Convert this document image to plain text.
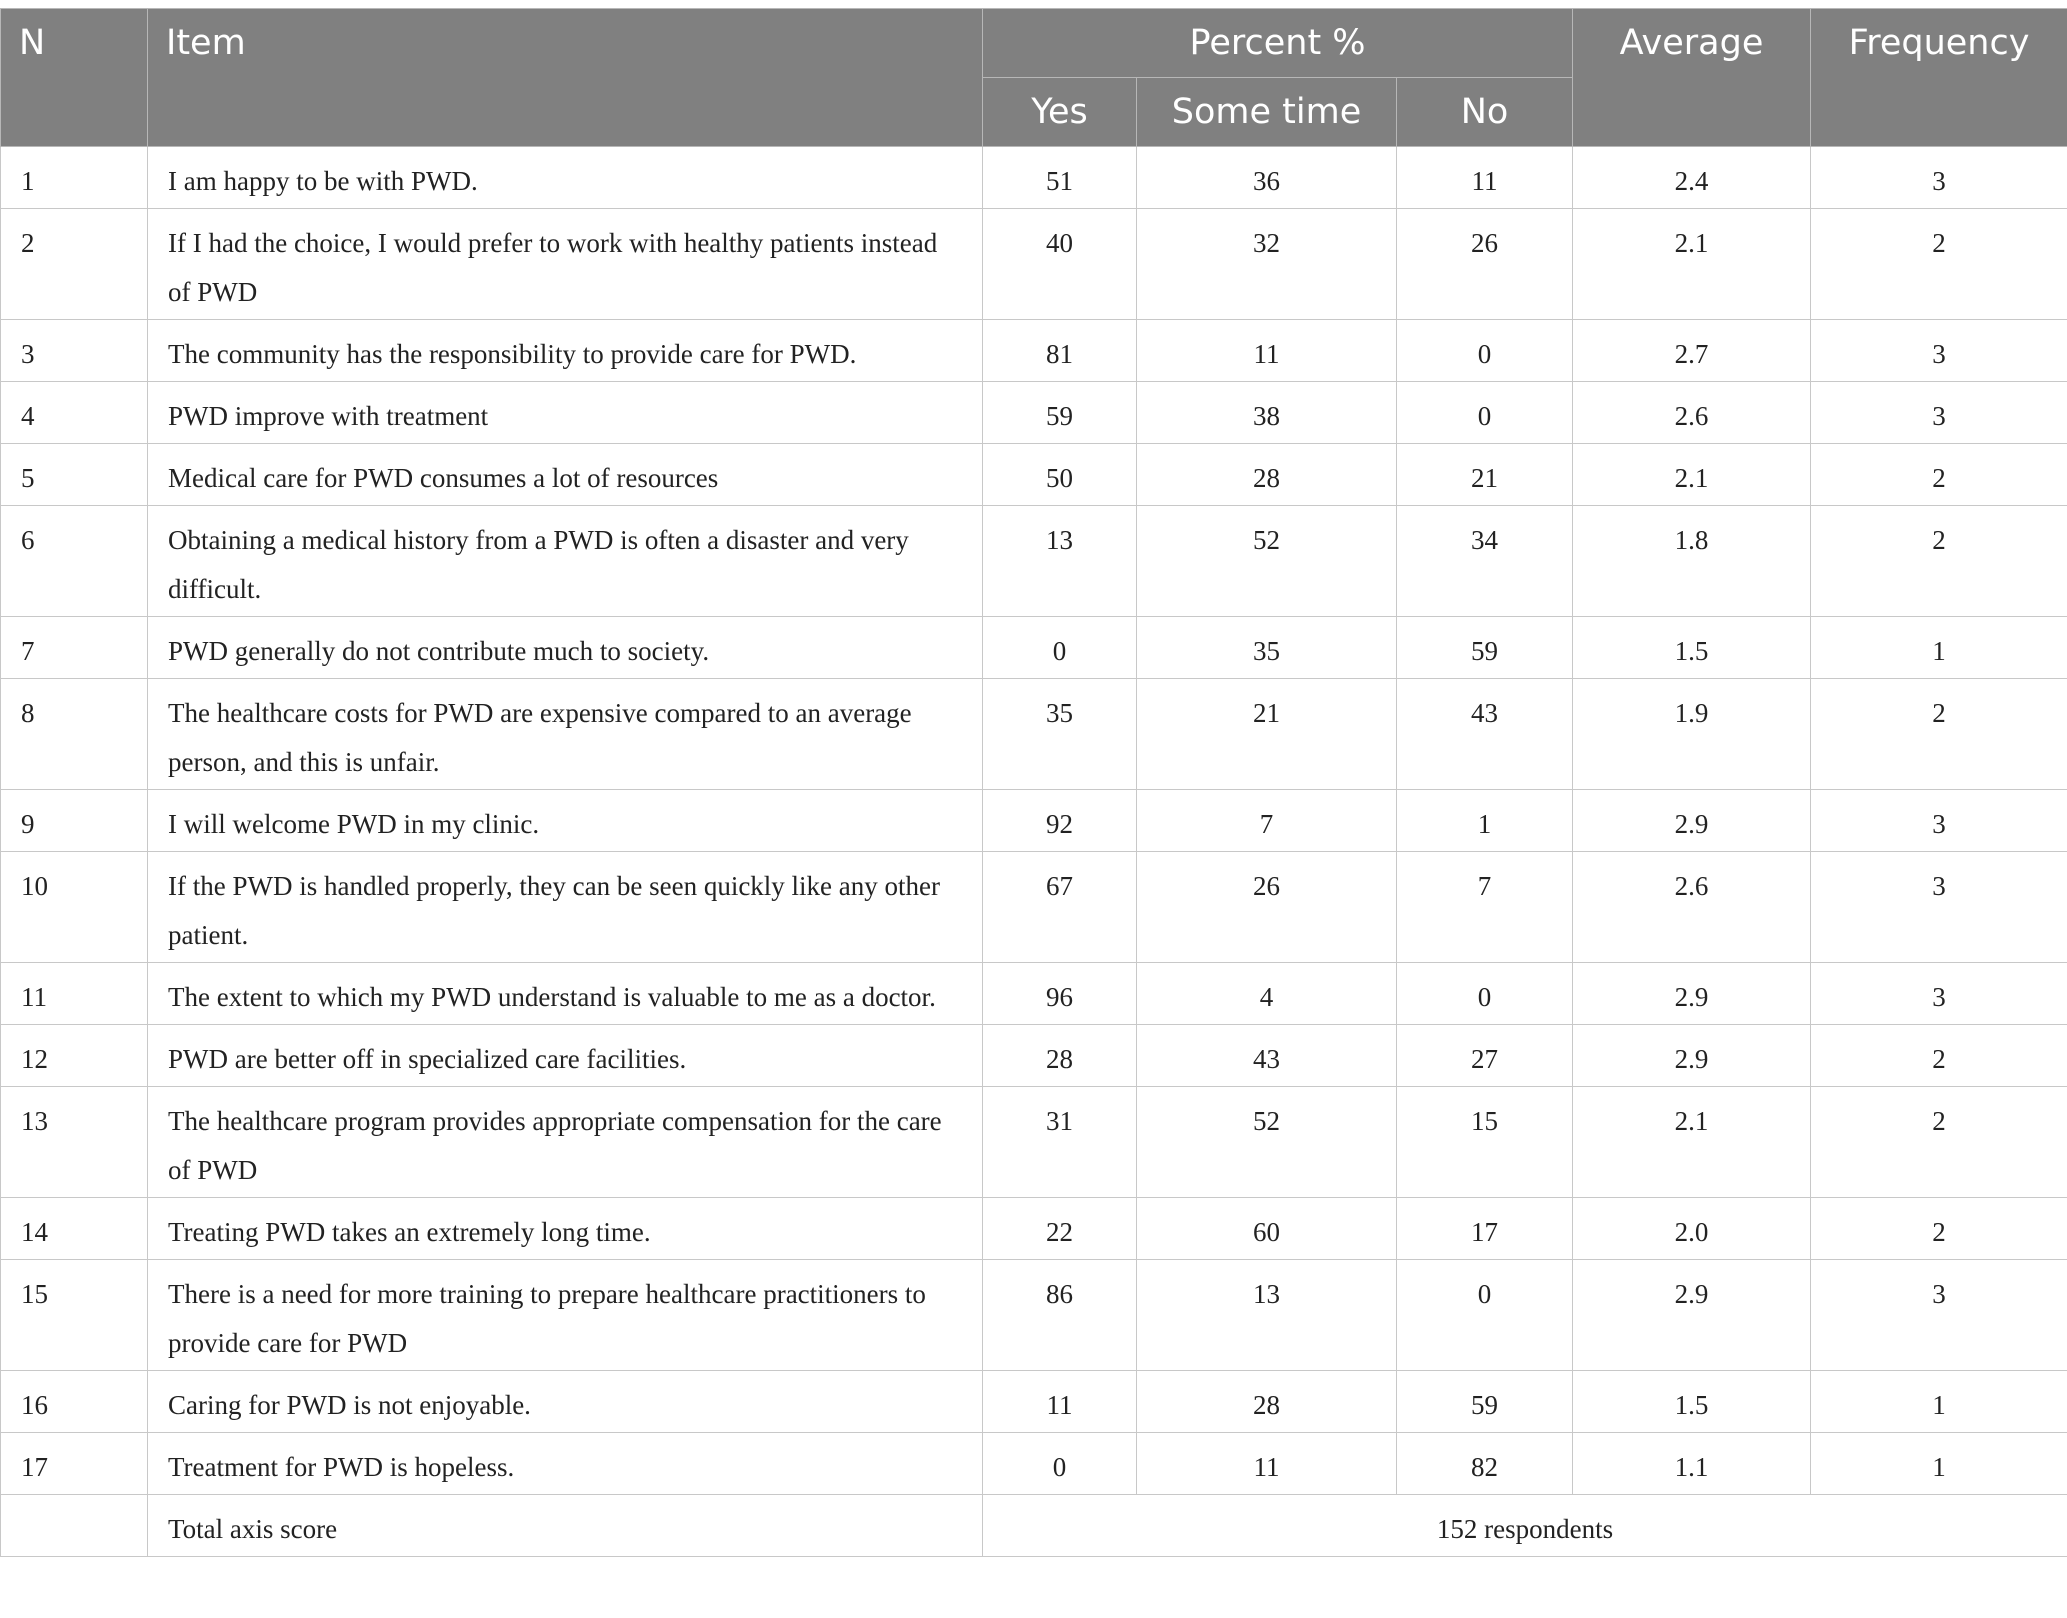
N	Item	Percent %			Average	Frequency
		Yes	Some time	No		
1	I am happy to be with PWD.	51	36	11	2.4	3
2	If I had the choice, I would prefer to work with healthy patients instead of PWD	40	32	26	2.1	2
3	The community has the responsibility to provide care for PWD.	81	11	0	2.7	3
4	PWD improve with treatment	59	38	0	2.6	3
5	Medical care for PWD consumes a lot of resources	50	28	21	2.1	2
6	Obtaining a medical history from a PWD is often a disaster and very difficult.	13	52	34	1.8	2
7	PWD generally do not contribute much to society.	0	35	59	1.5	1
8	The healthcare costs for PWD are expensive compared to an average person, and this is unfair.	35	21	43	1.9	2
9	I will welcome PWD in my clinic.	92	7	1	2.9	3
10	If the PWD is handled properly, they can be seen quickly like any other patient.	67	26	7	2.6	3
11	The extent to which my PWD understand is valuable to me as a doctor.	96	4	0	2.9	3
12	PWD are better off in specialized care facilities.	28	43	27	2.9	2
13	The healthcare program provides appropriate compensation for the care of PWD	31	52	15	2.1	2
14	Treating PWD takes an extremely long time.	22	60	17	2.0	2
15	There is a need for more training to prepare healthcare practitioners to provide care for PWD	86	13	0	2.9	3
16	Caring for PWD is not enjoyable.	11	28	59	1.5	1
17	Treatment for PWD is hopeless.	0	11	82	1.1	1
	Total axis score	152 respondents				
